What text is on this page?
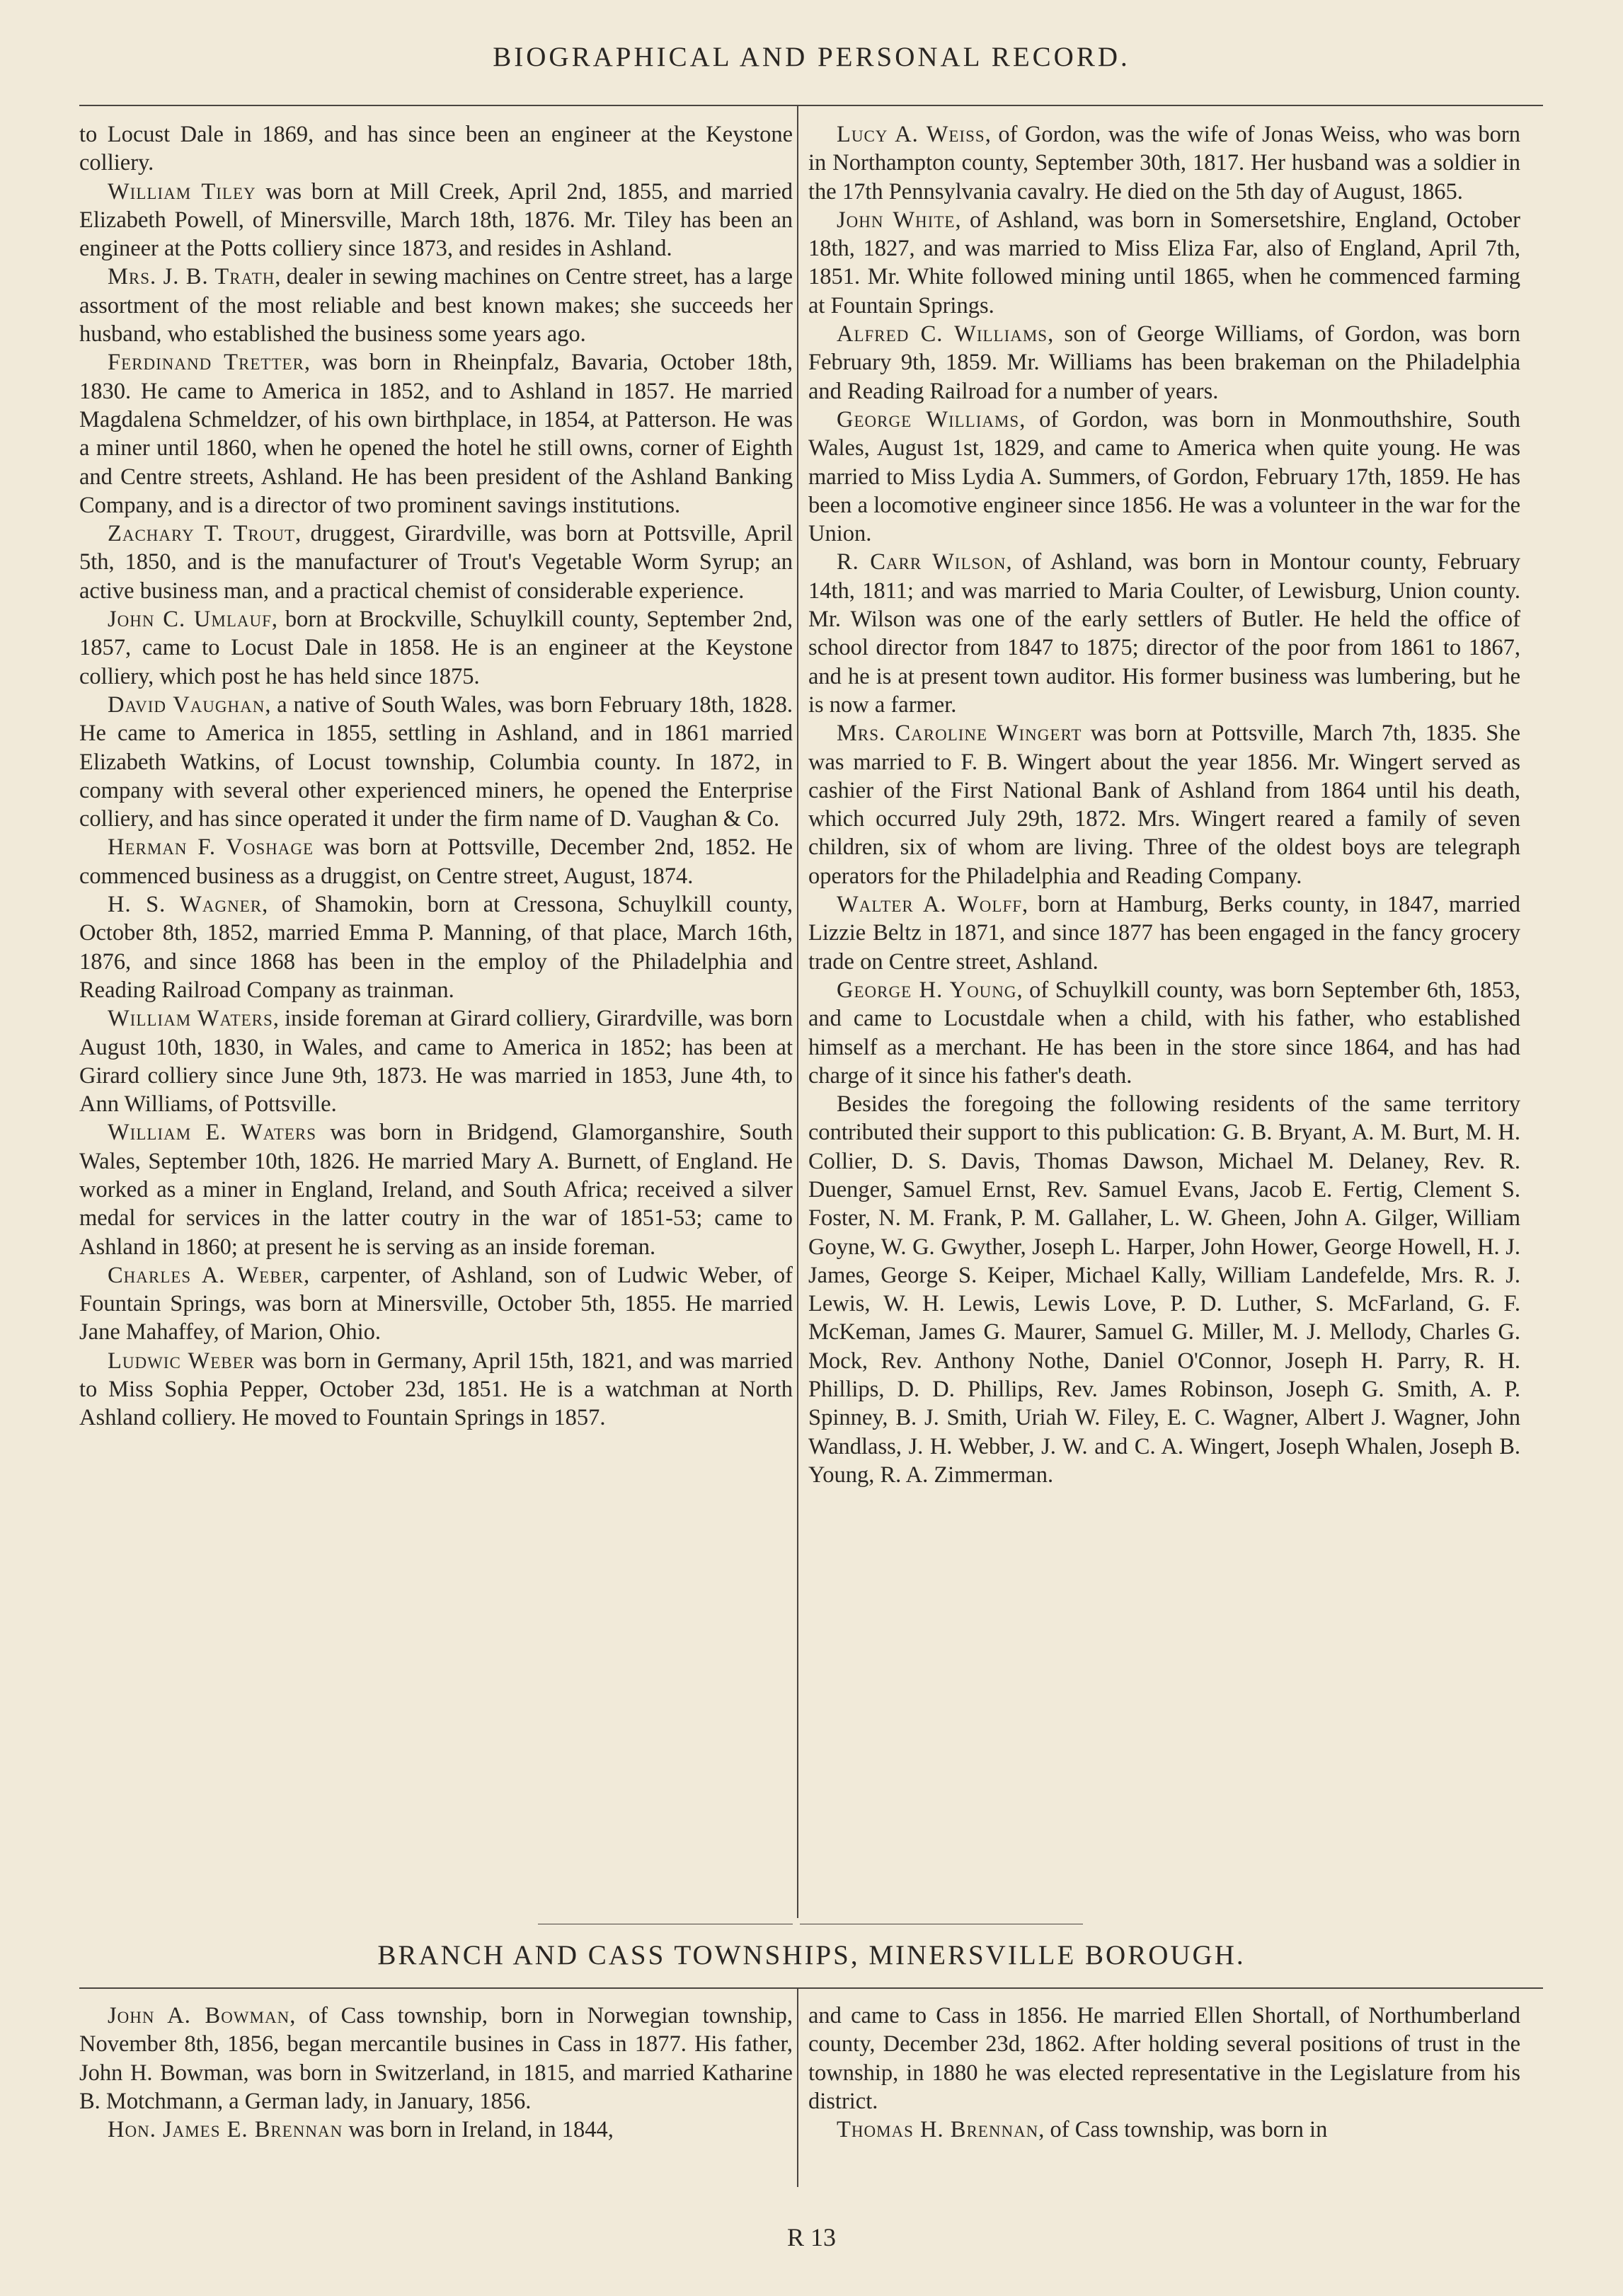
BIOGRAPHICAL AND PERSONAL RECORD.

to Locust Dale in 1869, and has since been an engineer at the Keystone colliery.

William Tiley was born at Mill Creek, April 2nd, 1855, and married Elizabeth Powell, of Minersville, March 18th, 1876. Mr. Tiley has been an engineer at the Potts colliery since 1873, and resides in Ashland.

Mrs. J. B. Trath, dealer in sewing machines on Centre street, has a large assortment of the most reliable and best known makes; she succeeds her husband, who established the business some years ago.

Ferdinand Tretter, was born in Rheinpfalz, Bavaria, October 18th, 1830. He came to America in 1852, and to Ashland in 1857. He married Magdalena Schmeldzer, of his own birthplace, in 1854, at Patterson. He was a miner until 1860, when he opened the hotel he still owns, corner of Eighth and Centre streets, Ashland. He has been president of the Ashland Banking Company, and is a director of two prominent savings institutions.

Zachary T. Trout, druggest, Girardville, was born at Pottsville, April 5th, 1850, and is the manufacturer of Trout's Vegetable Worm Syrup; an active business man, and a practical chemist of considerable experience.

John C. Umlauf, born at Brockville, Schuylkill county, September 2nd, 1857, came to Locust Dale in 1858. He is an engineer at the Keystone colliery, which post he has held since 1875.

David Vaughan, a native of South Wales, was born February 18th, 1828. He came to America in 1855, settling in Ashland, and in 1861 married Elizabeth Watkins, of Locust township, Columbia county. In 1872, in company with several other experienced miners, he opened the Enterprise colliery, and has since operated it under the firm name of D. Vaughan & Co.

Herman F. Voshage was born at Pottsville, December 2nd, 1852. He commenced business as a druggist, on Centre street, August, 1874.

H. S. Wagner, of Shamokin, born at Cressona, Schuylkill county, October 8th, 1852, married Emma P. Manning, of that place, March 16th, 1876, and since 1868 has been in the employ of the Philadelphia and Reading Railroad Company as trainman.

William Waters, inside foreman at Girard colliery, Girardville, was born August 10th, 1830, in Wales, and came to America in 1852; has been at Girard colliery since June 9th, 1873. He was married in 1853, June 4th, to Ann Williams, of Pottsville.

William E. Waters was born in Bridgend, Glamorganshire, South Wales, September 10th, 1826. He married Mary A. Burnett, of England. He worked as a miner in England, Ireland, and South Africa; received a silver medal for services in the latter coutry in the war of 1851-53; came to Ashland in 1860; at present he is serving as an inside foreman.

Charles A. Weber, carpenter, of Ashland, son of Ludwic Weber, of Fountain Springs, was born at Minersville, October 5th, 1855. He married Jane Mahaffey, of Marion, Ohio.

Ludwic Weber was born in Germany, April 15th, 1821, and was married to Miss Sophia Pepper, October 23d, 1851. He is a watchman at North Ashland colliery. He moved to Fountain Springs in 1857.

Lucy A. Weiss, of Gordon, was the wife of Jonas Weiss, who was born in Northampton county, September 30th, 1817. Her husband was a soldier in the 17th Pennsylvania cavalry. He died on the 5th day of August, 1865.

John White, of Ashland, was born in Somersetshire, England, October 18th, 1827, and was married to Miss Eliza Far, also of England, April 7th, 1851. Mr. White followed mining until 1865, when he commenced farming at Fountain Springs.

Alfred C. Williams, son of George Williams, of Gordon, was born February 9th, 1859. Mr. Williams has been brakeman on the Philadelphia and Reading Railroad for a number of years.

George Williams, of Gordon, was born in Monmouthshire, South Wales, August 1st, 1829, and came to America when quite young. He was married to Miss Lydia A. Summers, of Gordon, February 17th, 1859. He has been a locomotive engineer since 1856. He was a volunteer in the war for the Union.

R. Carr Wilson, of Ashland, was born in Montour county, February 14th, 1811; and was married to Maria Coulter, of Lewisburg, Union county. Mr. Wilson was one of the early settlers of Butler. He held the office of school director from 1847 to 1875; director of the poor from 1861 to 1867, and he is at present town auditor. His former business was lumbering, but he is now a farmer.

Mrs. Caroline Wingert was born at Pottsville, March 7th, 1835. She was married to F. B. Wingert about the year 1856. Mr. Wingert served as cashier of the First National Bank of Ashland from 1864 until his death, which occurred July 29th, 1872. Mrs. Wingert reared a family of seven children, six of whom are living. Three of the oldest boys are telegraph operators for the Philadelphia and Reading Company.

Walter A. Wolff, born at Hamburg, Berks county, in 1847, married Lizzie Beltz in 1871, and since 1877 has been engaged in the fancy grocery trade on Centre street, Ashland.

George H. Young, of Schuylkill county, was born September 6th, 1853, and came to Locustdale when a child, with his father, who established himself as a merchant. He has been in the store since 1864, and has had charge of it since his father's death.

Besides the foregoing the following residents of the same territory contributed their support to this publication: G. B. Bryant, A. M. Burt, M. H. Collier, D. S. Davis, Thomas Dawson, Michael M. Delaney, Rev. R. Duenger, Samuel Ernst, Rev. Samuel Evans, Jacob E. Fertig, Clement S. Foster, N. M. Frank, P. M. Gallaher, L. W. Gheen, John A. Gilger, William Goyne, W. G. Gwyther, Joseph L. Harper, John Hower, George Howell, H. J. James, George S. Keiper, Michael Kally, William Landefelde, Mrs. R. J. Lewis, W. H. Lewis, Lewis Love, P. D. Luther, S. McFarland, G. F. McKeman, James G. Maurer, Samuel G. Miller, M. J. Mellody, Charles G. Mock, Rev. Anthony Nothe, Daniel O'Connor, Joseph H. Parry, R. H. Phillips, D. D. Phillips, Rev. James Robinson, Joseph G. Smith, A. P. Spinney, B. J. Smith, Uriah W. Filey, E. C. Wagner, Albert J. Wagner, John Wandlass, J. H. Webber, J. W. and C. A. Wingert, Joseph Whalen, Joseph B. Young, R. A. Zimmerman.

BRANCH AND CASS TOWNSHIPS, MINERSVILLE BOROUGH.

John A. Bowman, of Cass township, born in Norwegian township, November 8th, 1856, began mercantile busines in Cass in 1877. His father, John H. Bowman, was born in Switzerland, in 1815, and married Katharine B. Motchmann, a German lady, in January, 1856.

Hon. James E. Brennan was born in Ireland, in 1844,

and came to Cass in 1856. He married Ellen Shortall, of Northumberland county, December 23d, 1862. After holding several positions of trust in the township, in 1880 he was elected representative in the Legislature from his district.

Thomas H. Brennan, of Cass township, was born in

R 13
